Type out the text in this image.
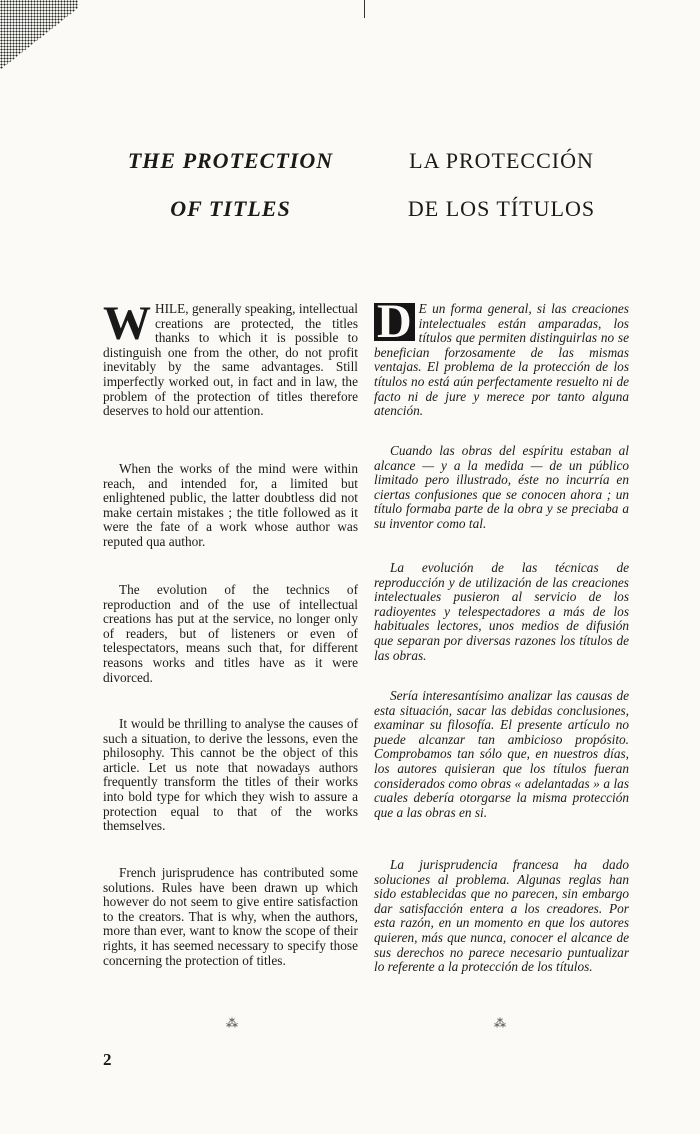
THE PROTECTION
OF TITLES

WHILE, generally speaking, intellectual creations are protected, the titles thanks to which it is possible to distinguish one from the other, do not profit inevitably by the same advantages. Still imperfectly worked out, in fact and in law, the problem of the protection of titles therefore deserves to hold our attention.

When the works of the mind were within reach, and intended for, a limited but enlightened public, the latter doubtless did not make certain mistakes ; the title followed as it were the fate of a work whose author was reputed qua author.

The evolution of the technics of reproduction and of the use of intellectual creations has put at the service, no longer only of readers, but of listeners or even of telespectators, means such that, for different reasons works and titles have as it were divorced.

It would be thrilling to analyse the causes of such a situation, to derive the lessons, even the philosophy. This cannot be the object of this article. Let us note that nowadays authors frequently transform the titles of their works into bold type for which they wish to assure a protection equal to that of the works themselves.

French jurisprudence has contributed some solutions. Rules have been drawn up which however do not seem to give entire satisfaction to the creators. That is why, when the authors, more than ever, want to know the scope of their rights, it has seemed necessary to specify those concerning the protection of titles.

LA PROTECCIÓN
DE LOS TÍTULOS

D E un forma general, si las creaciones intelectuales están amparadas, los títulos que permiten distinguirlas no se benefician forzosamente de las mismas ventajas. El problema de la protección de los títulos no está aún perfectamente resuelto ni de facto ni de jure y merece por tanto alguna atención.

Cuando las obras del espíritu estaban al alcance — y a la medida — de un público limitado pero illustrado, éste no incurría en ciertas confusiones que se conocen ahora ; un título formaba parte de la obra y se preciaba a su inventor como tal.

La evolución de las técnicas de reproducción y de utilización de las creaciones intelectuales pusieron al servicio de los radioyentes y telespectadores a más de los habituales lectores, unos medios de difusión que separan por diversas razones los títulos de las obras.

Sería interesantísimo analizar las causas de esta situación, sacar las debidas conclusiones, examinar su filosofía. El presente artículo no puede alcanzar tan ambicioso propósito. Comprobamos tan sólo que, en nuestros días, los autores quisieran que los títulos fueran considerados como obras « adelantadas » a las cuales debería otorgarse la misma protección que a las obras en si.

La jurisprudencia francesa ha dado soluciones al problema. Algunas reglas han sido establecidas que no parecen, sin embargo dar satisfacción entera a los creadores. Por esta razón, en un momento en que los autores quieren, más que nunca, conocer el alcance de sus derechos no parece necesario puntualizar lo referente a la protección de los títulos.

⁂	⁂

2
